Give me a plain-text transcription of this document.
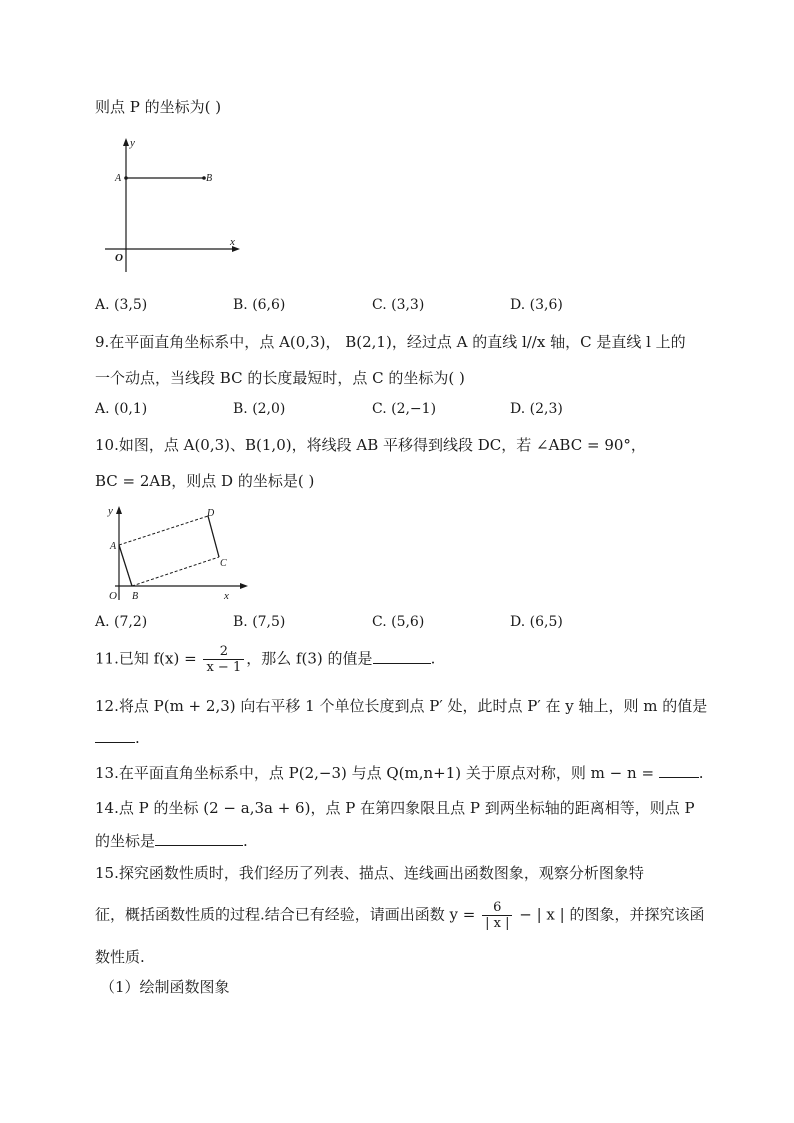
则点 P 的坐标为( )
y
x
O
A	B
A. (3,5)	B. (6,6)	C. (3,3)	D. (3,6)
9.在平面直角坐标系中，点 A(0,3)， B(2,1)，经过点 A 的直线 l//x 轴，C 是直线 l 上的
一个动点，当线段 BC 的长度最短时，点 C 的坐标为( )
A. (0,1)	B. (2,0)	C. (2,−1)	D. (2,3)
10.如图，点 A(0,3)、B(1,0)，将线段 AB 平移得到线段 DC，若 ∠ABC = 90°，
BC = 2AB，则点 D 的坐标是( )
y
x
O
A
B
C
D
A. (7,2)	B. (7,5)	C. (5,6)	D. (6,5)
11.已知 $f(x) = \frac{2}{x - 1}$ ，那么 f(3) 的值是	.
12.将点 P(m + 2,3) 向右平移 1 个单位长度到点 P′ 处，此时点 P′ 在 y 轴上，则 m 的值是
.
13.在平面直角坐标系中，点 P(2,−3) 与点 Q(m,n+1) 关于原点对称，则 m − n =	.
14.点 P 的坐标 (2 − a,3a + 6)，点 P 在第四象限且点 P 到两坐标轴的距离相等，则点 P
的坐标是	.
15.探究函数性质时，我们经历了列表、描点、连线画出函数图象，观察分析图象特
征，概括函数性质的过程.结合已有经验，请画出函数 $y = \frac{6}{| x |}$ − | x | 的图象，并探究该函
数性质.
（1）绘制函数图象
